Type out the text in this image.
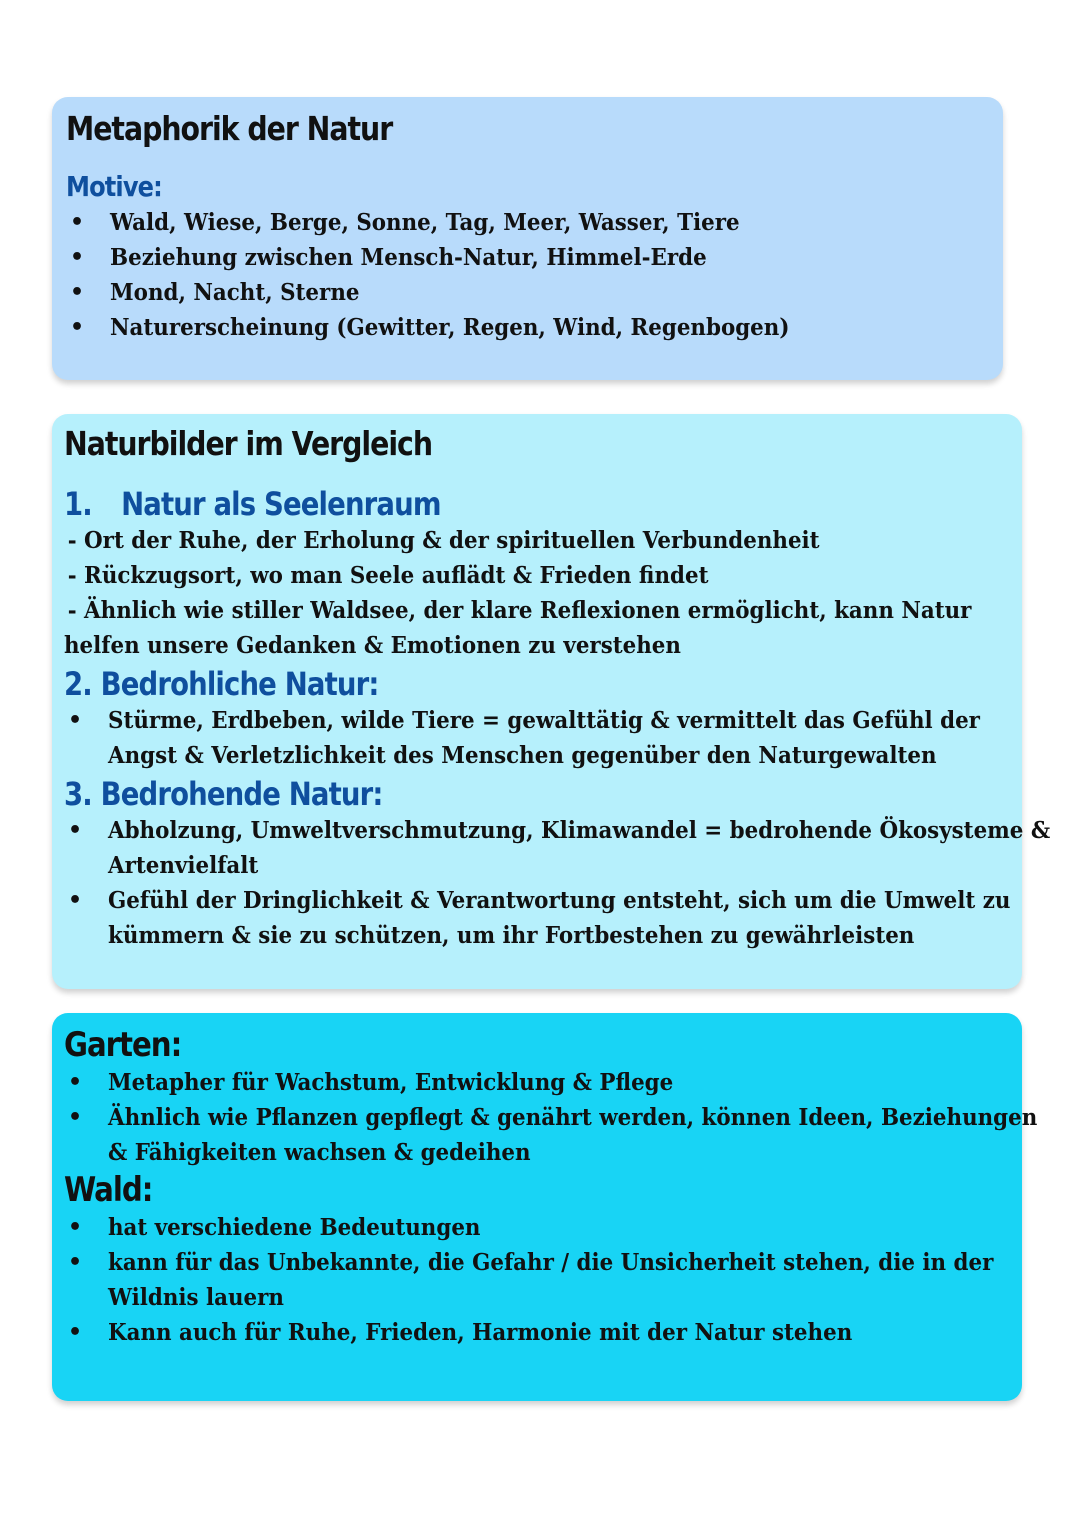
Metaphorik der Natur
Motive:
• Wald, Wiese, Berge, Sonne, Tag, Meer, Wasser, Tiere
• Beziehung zwischen Mensch-Natur, Himmel-Erde
• Mond, Nacht, Sterne
• Naturerscheinung (Gewitter, Regen, Wind, Regenbogen)
Naturbilder im Vergleich
1. Natur als Seelenraum
- Ort der Ruhe, der Erholung & der spirituellen Verbundenheit
- Rückzugsort, wo man Seele auflädt & Frieden findet
- Ähnlich wie stiller Waldsee, der klare Reflexionen ermöglicht, kann Natur
helfen unsere Gedanken & Emotionen zu verstehen
2. Bedrohliche Natur:
• Stürme, Erdbeben, wilde Tiere = gewalttätig & vermittelt das Gefühl der
Angst & Verletzlichkeit des Menschen gegenüber den Naturgewalten
3. Bedrohende Natur:
• Abholzung, Umweltverschmutzung, Klimawandel = bedrohende Ökosysteme &
Artenvielfalt
• Gefühl der Dringlichkeit & Verantwortung entsteht, sich um die Umwelt zu
kümmern & sie zu schützen, um ihr Fortbestehen zu gewährleisten
Garten:
• Metapher für Wachstum, Entwicklung & Pflege
• Ähnlich wie Pflanzen gepflegt & genährt werden, können Ideen, Beziehungen
& Fähigkeiten wachsen & gedeihen
Wald:
• hat verschiedene Bedeutungen
• kann für das Unbekannte, die Gefahr / die Unsicherheit stehen, die in der
Wildnis lauern
• Kann auch für Ruhe, Frieden, Harmonie mit der Natur stehen
